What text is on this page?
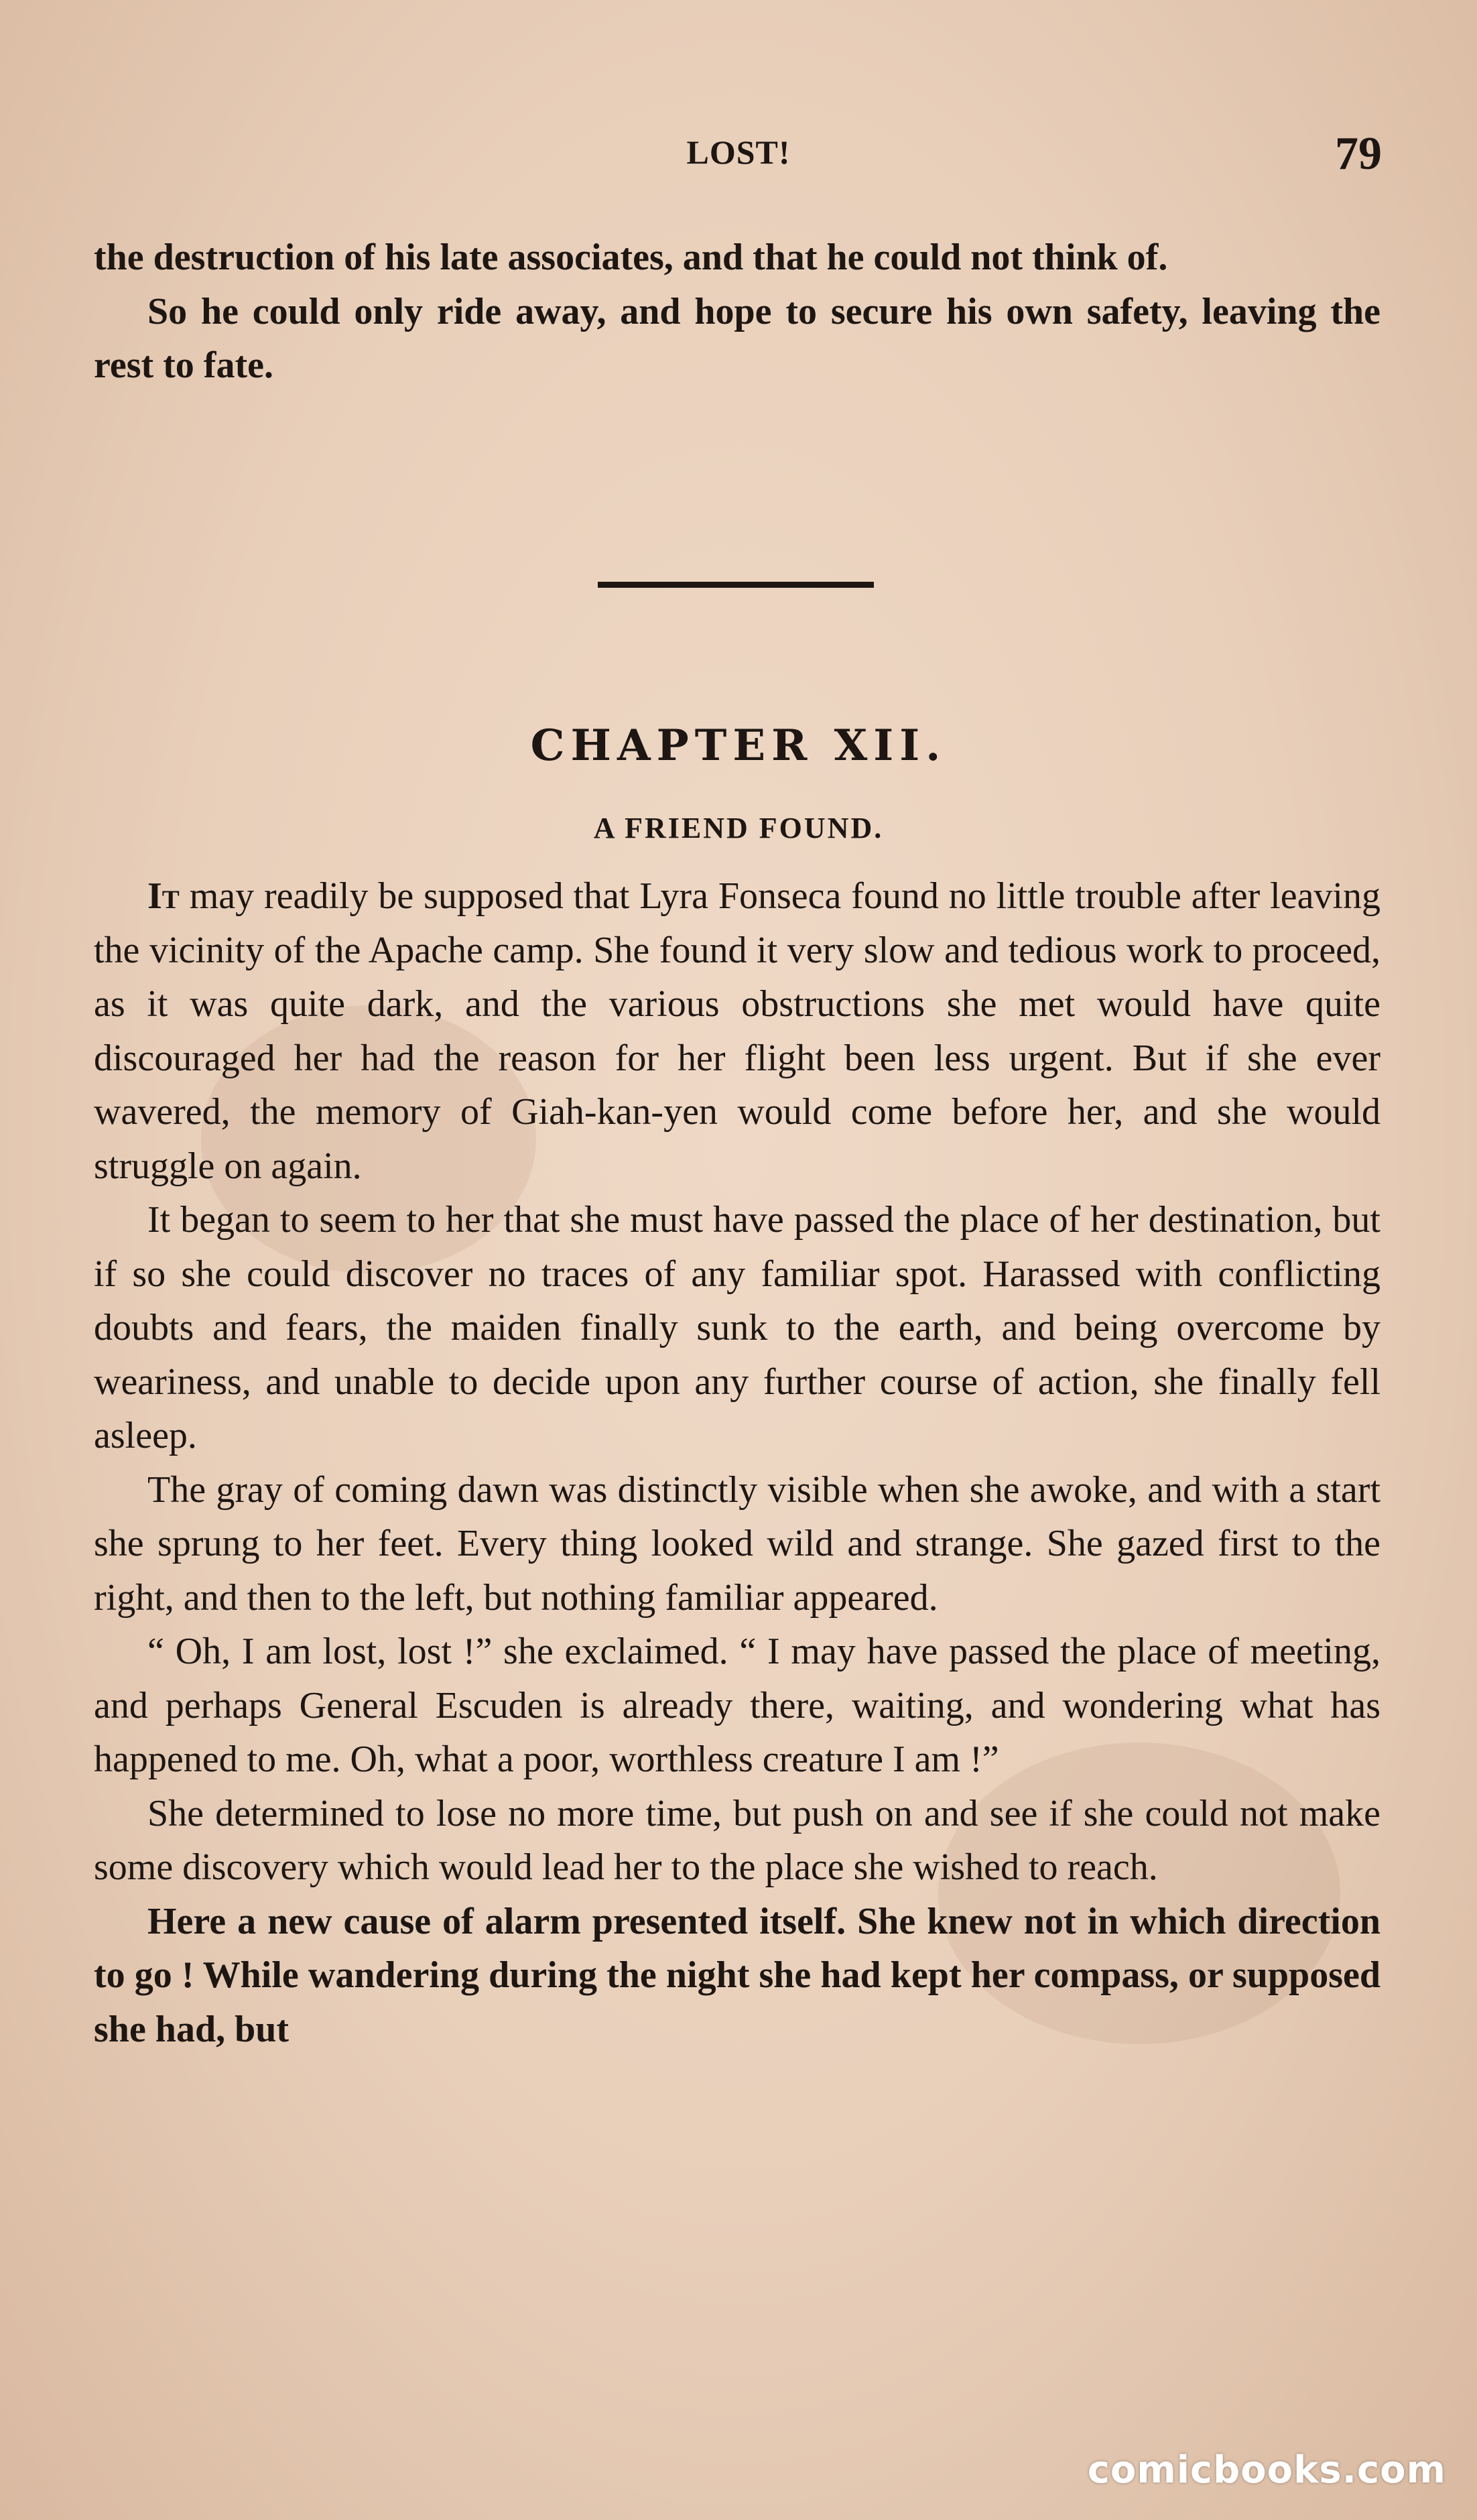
LOST!	79

the destruction of his late associates, and that he could not think of.

So he could only ride away, and hope to secure his own safety, leaving the rest to fate.

CHAPTER XII.
A FRIEND FOUND.

It may readily be supposed that Lyra Fonseca found no little trouble after leaving the vicinity of the Apache camp. She found it very slow and tedious work to proceed, as it was quite dark, and the various obstructions she met would have quite discouraged her had the reason for her flight been less urgent. But if she ever wavered, the memory of Giah-kan-yen would come before her, and she would struggle on again.

It began to seem to her that she must have passed the place of her destination, but if so she could discover no traces of any familiar spot. Harassed with conflicting doubts and fears, the maiden finally sunk to the earth, and being overcome by weariness, and unable to decide upon any further course of action, she finally fell asleep.

The gray of coming dawn was distinctly visible when she awoke, and with a start she sprung to her feet. Every thing looked wild and strange. She gazed first to the right, and then to the left, but nothing familiar appeared.

“ Oh, I am lost, lost !” she exclaimed. “ I may have passed the place of meeting, and perhaps General Escuden is already there, waiting, and wondering what has happened to me. Oh, what a poor, worthless creature I am !”

She determined to lose no more time, but push on and see if she could not make some discovery which would lead her to the place she wished to reach.

Here a new cause of alarm presented itself. She knew not in which direction to go ! While wandering during the night she had kept her compass, or supposed she had, but

comicbooks.com
